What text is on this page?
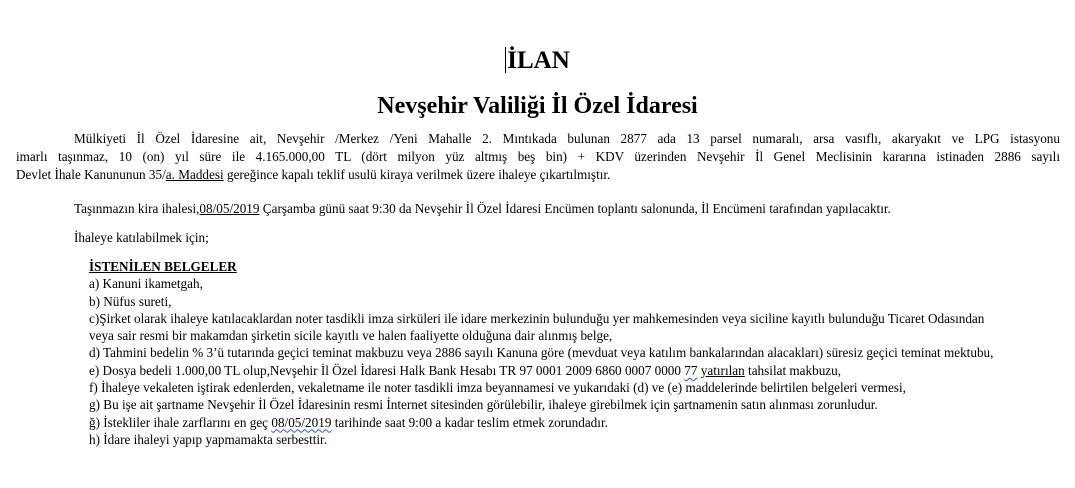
İLAN
Nevşehir Valiliği İl Özel İdaresi
Mülkiyeti İl Özel İdaresine ait, Nevşehir /Merkez /Yeni Mahalle 2. Mıntıkada bulunan 2877 ada 13 parsel numaralı, arsa vasıflı, akaryakıt ve LPG istasyonu
imarlı taşınmaz, 10 (on) yıl süre ile 4.165.000,00 TL (dört milyon yüz altmış beş bin) + KDV üzerinden Nevşehir İl Genel Meclisinin kararına istinaden 2886 sayılı
Devlet İhale Kanununun 35/a. Maddesi gereğince kapalı teklif usulü kiraya verilmek üzere ihaleye çıkartılmıştır.
Taşınmazın kira ihalesi,08/05/2019 Çarşamba günü saat 9:30 da Nevşehir İl Özel İdaresi Encümen toplantı salonunda, İl Encümeni tarafından yapılacaktır.
İhaleye katılabilmek için;
İSTENİLEN BELGELER
a) Kanuni ikametgah,
b) Nüfus sureti,
c)Şirket olarak ihaleye katılacaklardan noter tasdikli imza sirküleri ile idare merkezinin bulunduğu yer mahkemesinden veya siciline kayıtlı bulunduğu Ticaret Odasından veya sair resmi bir makamdan şirketin sicile kayıtlı ve halen faaliyette olduğuna dair alınmış belge,
d) Tahmini bedelin % 3’ü tutarında geçici teminat makbuzu veya 2886 sayılı Kanuna göre (mevduat veya katılım bankalarından alacakları) süresiz geçici teminat mektubu,
e) Dosya bedeli 1.000,00 TL olup,Nevşehir İl Özel İdaresi Halk Bank Hesabı TR 97 0001 2009 6860 0007 0000 77 yatırılan tahsilat makbuzu,
f) İhaleye vekaleten iştirak edenlerden, vekaletname ile noter tasdikli imza beyannamesi ve yukarıdaki (d) ve (e) maddelerinde belirtilen belgeleri vermesi,
g) Bu işe ait şartname Nevşehir İl Özel İdaresinin resmi İnternet sitesinden görülebilir, ihaleye girebilmek için şartnamenin satın alınması zorunludur.
ğ) İstekliler ihale zarflarını en geç 08/05/2019 tarihinde saat 9:00 a kadar teslim etmek zorundadır.
h) İdare ihaleyi yapıp yapmamakta serbesttir.
